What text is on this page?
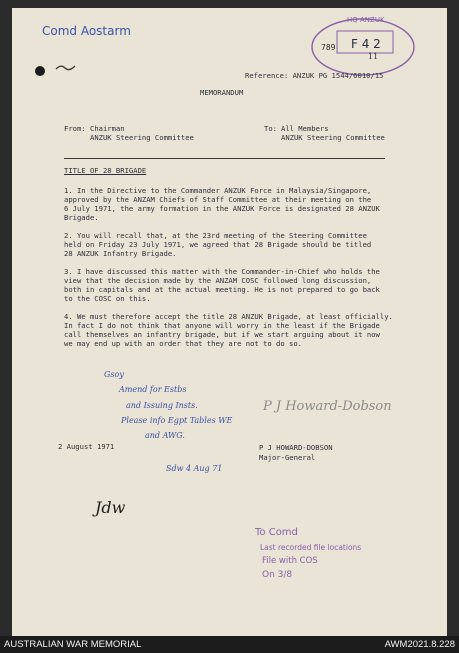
Comd Aostarm
HQ ANZUK
789 F 4 2
11
Reference: ANZUK PG 1544/6010/15
MEMORANDUM
From: Chairman
ANZUK Steering Committee
To: All Members
ANZUK Steering Committee
TITLE OF 28 BRIGADE
1. In the Directive to the Commander ANZUK Force in Malaysia/Singapore,
approved by the ANZAM Chiefs of Staff Committee at their meeting on the
6 July 1971, the army formation in the ANZUK Force is designated 28 ANZUK
Brigade.
2. You will recall that, at the 23rd meeting of the Steering Committee
held on Friday 23 July 1971, we agreed that 28 Brigade should be titled
28 ANZUK Infantry Brigade.
3. I have discussed this matter with the Commander-in-Chief who holds the
view that the decision made by the ANZAM COSC followed long discussion,
both in capitals and at the actual meeting. He is not prepared to go back
to the COSC on this.
4. We must therefore accept the title 28 ANZUK Brigade, at least officially.
In fact I do not think that anyone will worry in the least if the Brigade
call themselves an infantry brigade, but if we start arguing about it now
we may end up with an order that they are not to do so.
Gsoy
Amend for Estbs
and Issuing Insts.
Please info Egpt Tables WE
and AWG.
Sdw 4 Aug 71
P J Howard-Dobson
2 August 1971	P J HOWARD-DOBSON
Major-General
Jdw
To Comd
Last recorded file locations
File with COS
On 3/8
AUSTRALIAN WAR MEMORIAL	AWM2021.8.228
